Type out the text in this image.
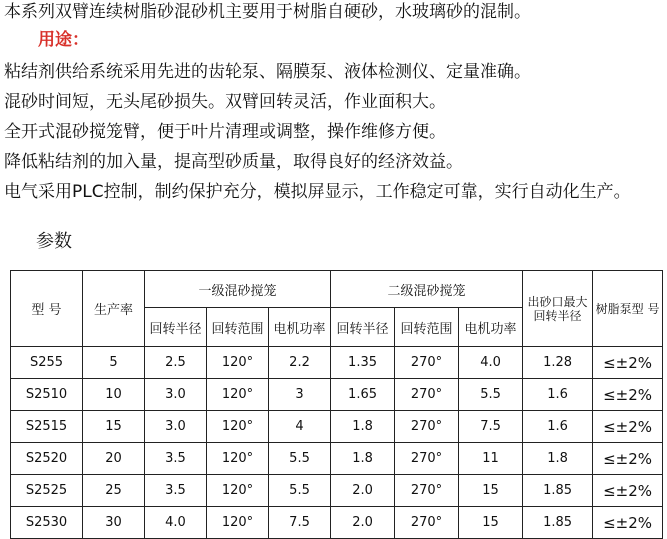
本系列双臂连续树脂砂混砂机主要用于树脂自硬砂，水玻璃砂的混制。
用途：
粘结剂供给系统采用先进的齿轮泵、隔膜泵、液体检测仪、定量准确。
混砂时间短，无头尾砂损失。双臂回转灵活，作业面积大。
全开式混砂搅笼臂，便于叶片清理或调整，操作维修方便。
降低粘结剂的加入量，提高型砂质量，取得良好的经济效益。
电气采用PLC控制，制约保护充分，模拟屏显示，工作稳定可靠，实行自动化生产。
参数
型 号	生产率	一级混砂搅笼			二级混砂搅笼			出砂口最大回转半径	树脂泵型 号
		回转半径	回转范围	电机功率	回转半径	回转范围	电机功率		
S255	5	2.5	120°	2.2	1.35	270°	4.0	1.28	≤±2%
S2510	10	3.0	120°	3	1.65	270°	5.5	1.6	≤±2%
S2515	15	3.0	120°	4	1.8	270°	7.5	1.6	≤±2%
S2520	20	3.5	120°	5.5	1.8	270°	11	1.8	≤±2%
S2525	25	3.5	120°	5.5	2.0	270°	15	1.85	≤±2%
S2530	30	4.0	120°	7.5	2.0	270°	15	1.85	≤±2%
